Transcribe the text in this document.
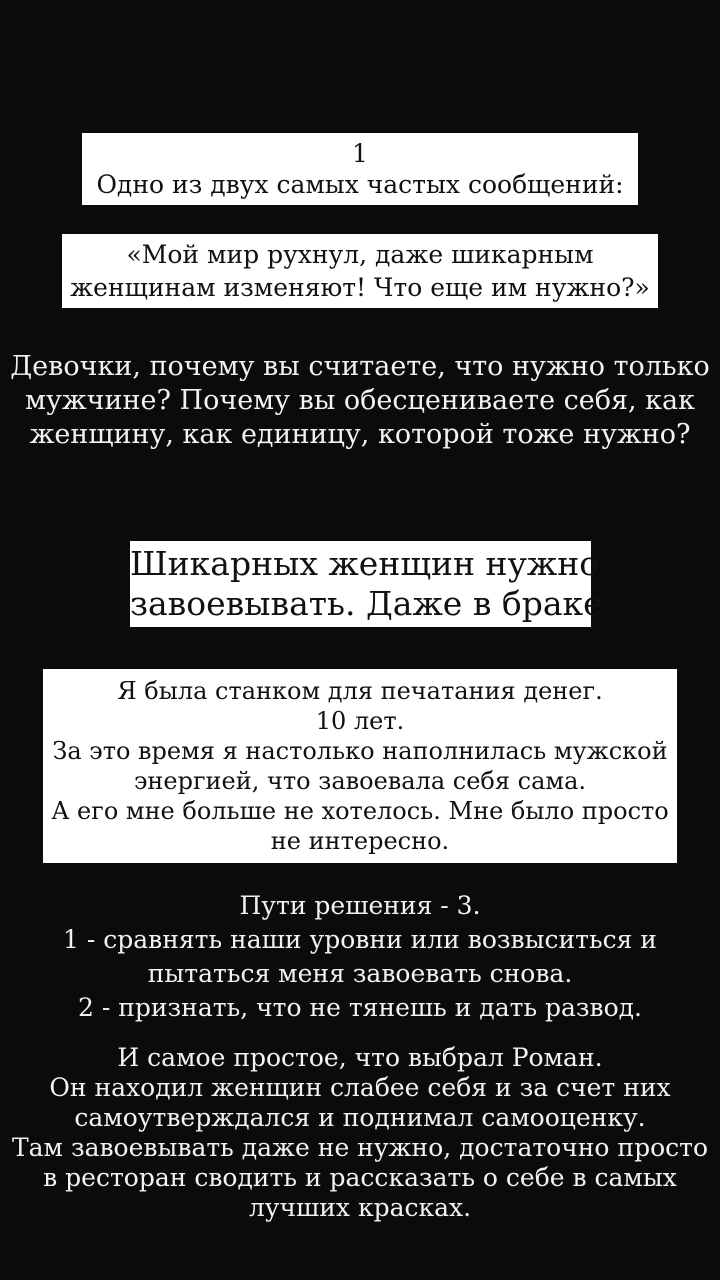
1
Одно из двух самых частых сообщений:
«Мой мир рухнул, даже шикарным
женщинам изменяют! Что еще им нужно?»
Девочки, почему вы считаете, что нужно только
мужчине? Почему вы обесцениваете себя, как
женщину, как единицу, которой тоже нужно?
Шикарных женщин нужно
завоевывать. Даже в браке.
Я была станком для печатания денег.
10 лет.
За это время я настолько наполнилась мужской
энергией, что завоевала себя сама.
А его мне больше не хотелось. Мне было просто
не интересно.
Пути решения - 3.
1 - сравнять наши уровни или возвыситься и
пытаться меня завоевать снова.
2 - признать, что не тянешь и дать развод.
И самое простое, что выбрал Роман.
Он находил женщин слабее себя и за счет них
самоутверждался и поднимал самооценку.
Там завоевывать даже не нужно, достаточно просто
в ресторан сводить и рассказать о себе в самых
лучших красках.
